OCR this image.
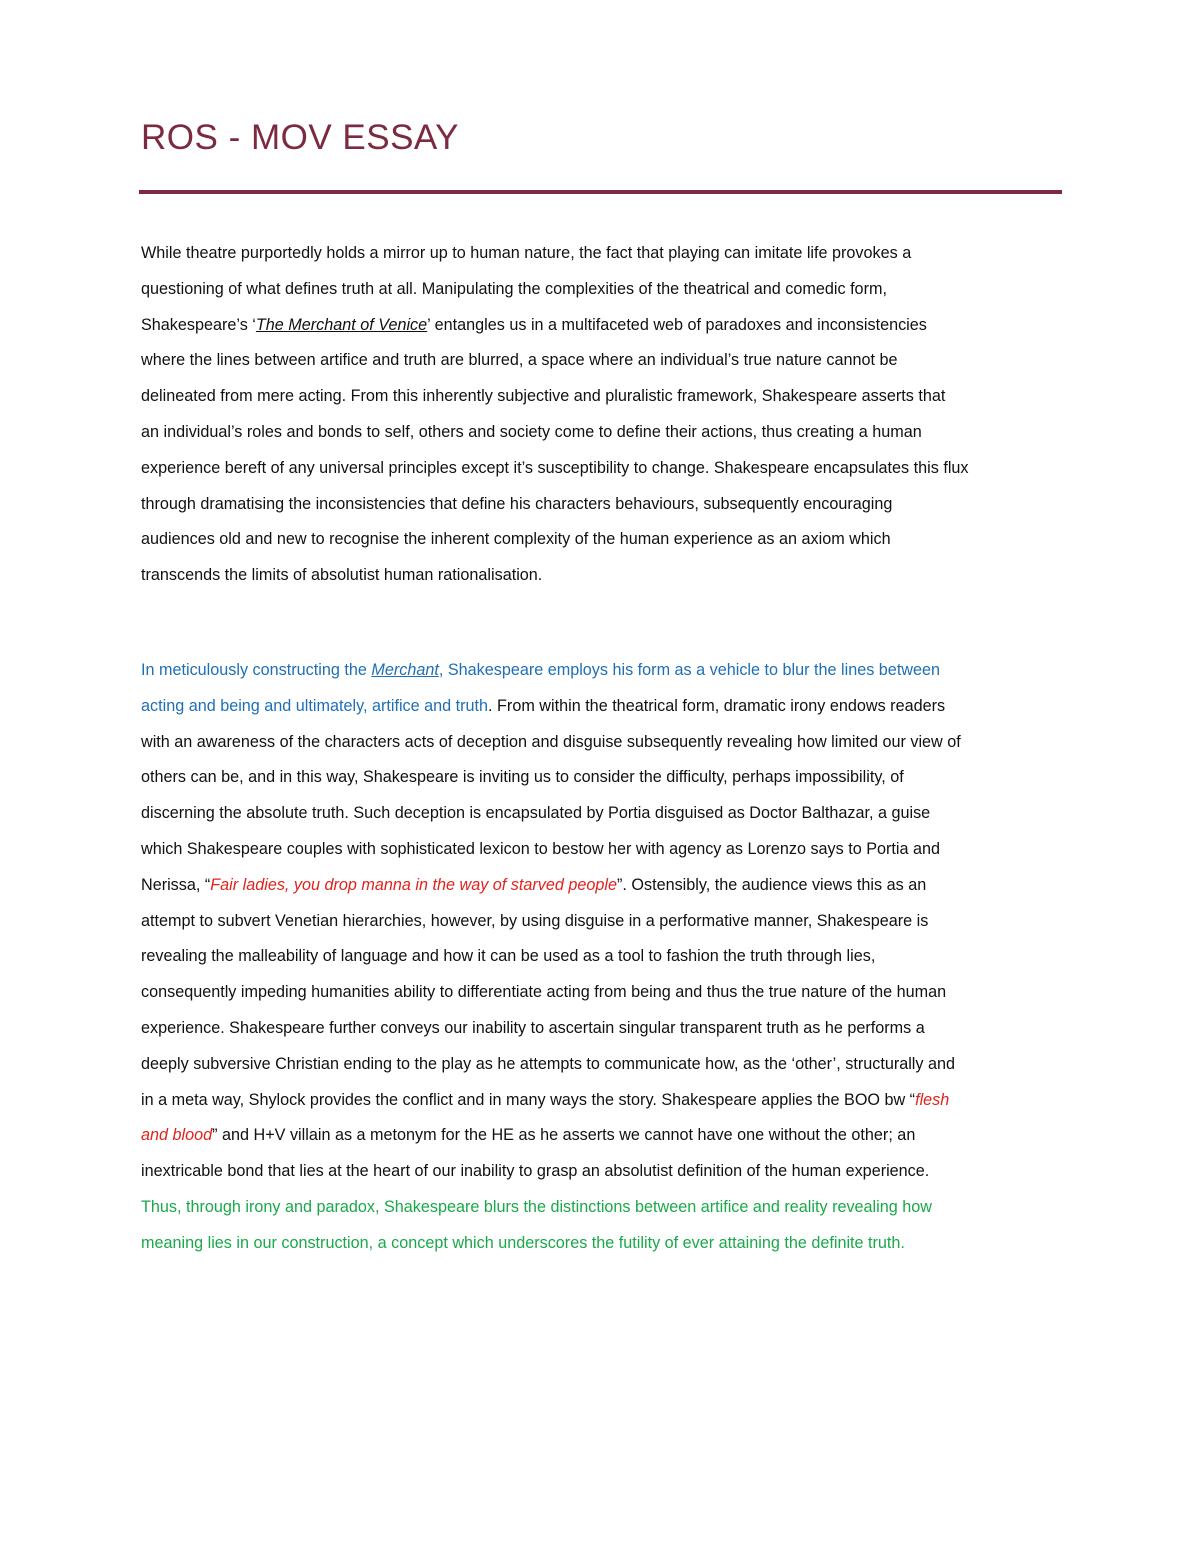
ROS - MOV ESSAY
While theatre purportedly holds a mirror up to human nature, the fact that playing can imitate life provokes a
questioning of what defines truth at all. Manipulating the complexities of the theatrical and comedic form,
Shakespeare’s ‘The Merchant of Venice’ entangles us in a multifaceted web of paradoxes and inconsistencies
where the lines between artifice and truth are blurred, a space where an individual’s true nature cannot be
delineated from mere acting. From this inherently subjective and pluralistic framework, Shakespeare asserts that
an individual’s roles and bonds to self, others and society come to define their actions, thus creating a human
experience bereft of any universal principles except it’s susceptibility to change. Shakespeare encapsulates this flux
through dramatising the inconsistencies that define his characters behaviours, subsequently encouraging
audiences old and new to recognise the inherent complexity of the human experience as an axiom which
transcends the limits of absolutist human rationalisation.
In meticulously constructing the Merchant, Shakespeare employs his form as a vehicle to blur the lines between
acting and being and ultimately, artifice and truth. From within the theatrical form, dramatic irony endows readers
with an awareness of the characters acts of deception and disguise subsequently revealing how limited our view of
others can be, and in this way, Shakespeare is inviting us to consider the difficulty, perhaps impossibility, of
discerning the absolute truth. Such deception is encapsulated by Portia disguised as Doctor Balthazar, a guise
which Shakespeare couples with sophisticated lexicon to bestow her with agency as Lorenzo says to Portia and
Nerissa, “Fair ladies, you drop manna in the way of starved people”. Ostensibly, the audience views this as an
attempt to subvert Venetian hierarchies, however, by using disguise in a performative manner, Shakespeare is
revealing the malleability of language and how it can be used as a tool to fashion the truth through lies,
consequently impeding humanities ability to differentiate acting from being and thus the true nature of the human
experience. Shakespeare further conveys our inability to ascertain singular transparent truth as he performs a
deeply subversive Christian ending to the play as he attempts to communicate how, as the ‘other’, structurally and
in a meta way, Shylock provides the conflict and in many ways the story. Shakespeare applies the BOO bw “flesh
and blood” and H+V villain as a metonym for the HE as he asserts we cannot have one without the other; an
inextricable bond that lies at the heart of our inability to grasp an absolutist definition of the human experience.
Thus, through irony and paradox, Shakespeare blurs the distinctions between artifice and reality revealing how
meaning lies in our construction, a concept which underscores the futility of ever attaining the definite truth.
